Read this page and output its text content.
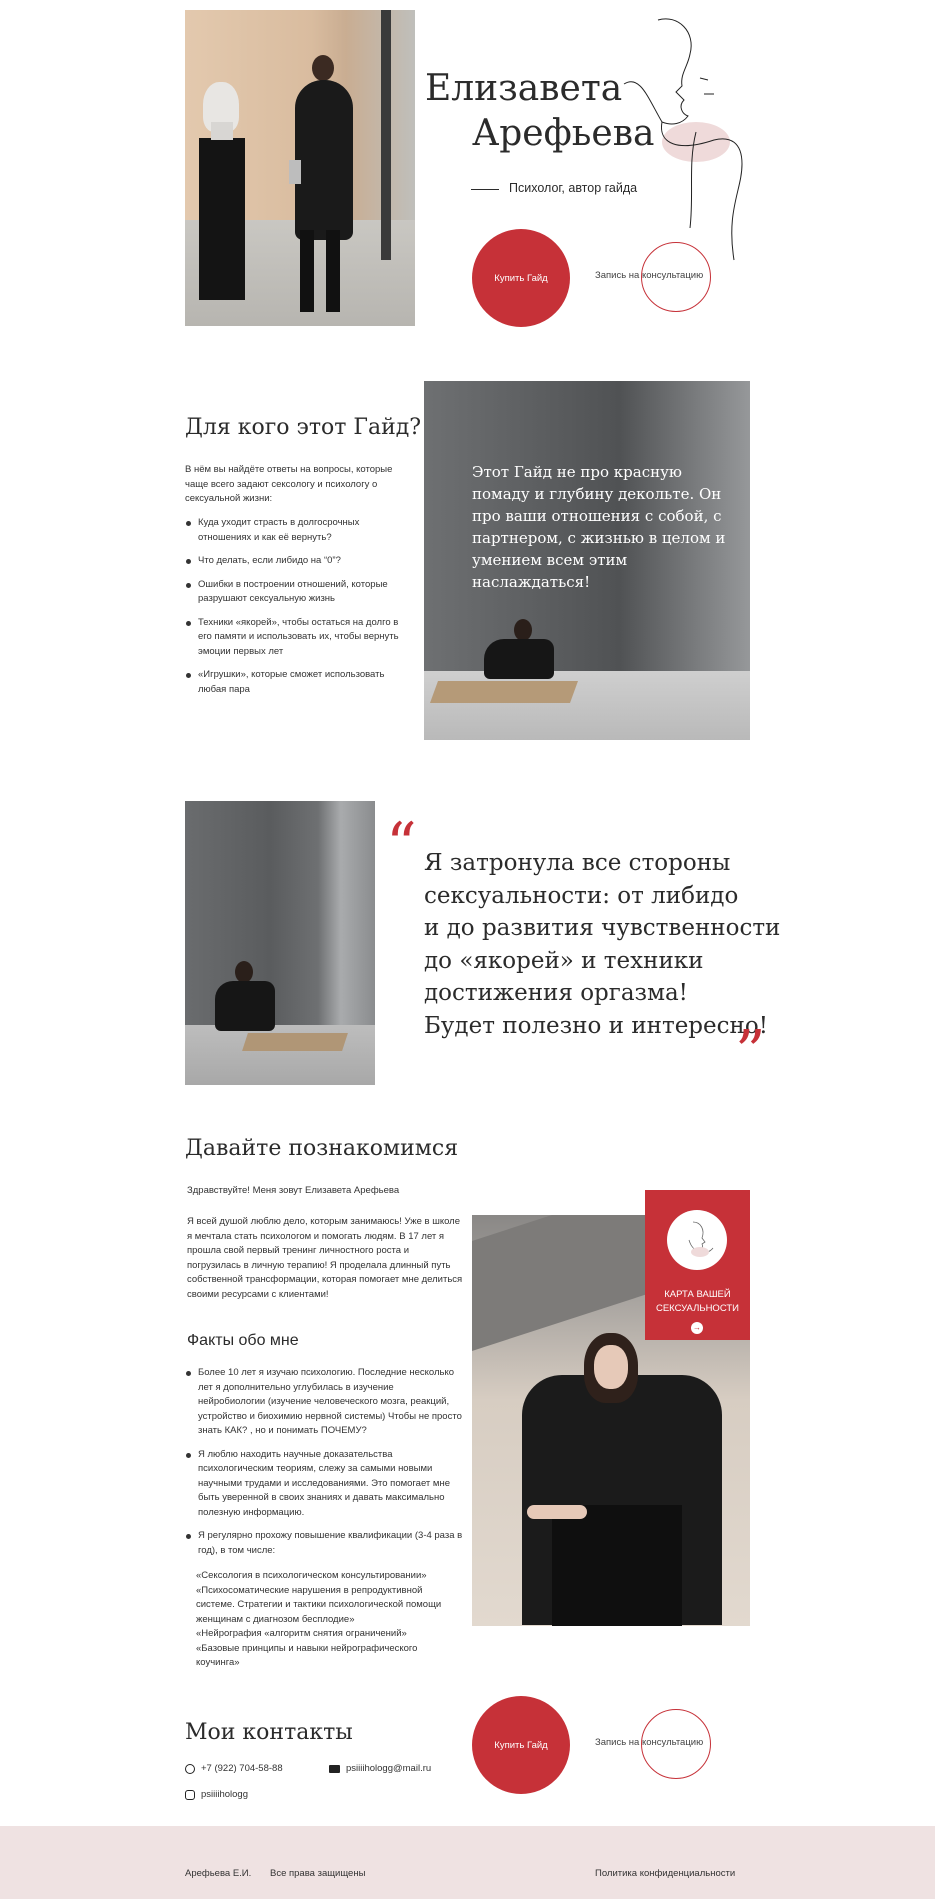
Елизавета
Арефьева
Психолог, автор гайда
Купить Гайд	Запись на консультацию
Для кого этот Гайд?
В нём вы найдёте ответы на вопросы, которые чаще всего задают сексологу и психологу о сексуальной жизни:
Куда уходит страсть в долгосрочных отношениях и как её вернуть?
Что делать, если либидо на “0”?
Ошибки в построении отношений, которые разрушают сексуальную жизнь
Техники «якорей», чтобы остаться на долго в его памяти и использовать их, чтобы вернуть эмоции первых лет
«Игрушки», которые сможет использовать любая пара
Этот Гайд не про красную помаду и глубину декольте. Он про ваши отношения с собой, с партнером, с жизнью в целом и умением всем этим наслаждаться!
“ Я затронула все стороны
сексуальности: от либидо
и до развития чувственности
до «якорей» и техники
достижения оргазма!
Будет полезно и интересно!
”
Давайте познакомимся
Здравствуйте! Меня зовут Елизавета Арефьева
Я всей душой люблю дело, которым занимаюсь! Уже в школе я мечтала стать психологом и помогать людям. В 17 лет я прошла свой первый тренинг личностного роста и погрузилась в личную терапию! Я проделала длинный путь собственной трансформации, которая помогает мне делиться своими ресурсами с клиентами!
Факты обо мне
Более 10 лет я изучаю психологию. Последние несколько лет я дополнительно углубилась в изучение нейробиологии (изучение человеческого мозга, реакций, устройство и биохимию нервной системы) Чтобы не просто знать КАК? , но и понимать ПОЧЕМУ?
Я люблю находить научные доказательства психологическим теориям, слежу за самыми новыми научными трудами и исследованиями. Это помогает мне быть уверенной в своих знаниях и давать максимально полезную информацию.
Я регулярно прохожу повышение квалификации (3-4 раза в год), в том числе:
«Сексология в психологическом консультировании»
«Психосоматические нарушения в репродуктивной системе. Стратегии и тактики психологической помощи женщинам с диагнозом бесплодие»
«Нейрография «алгоритм снятия ограничений»
«Базовые принципы и навыки нейрографического коучинга»
КАРТА ВАШЕЙ СЕКСУАЛЬНОСТИ
→
Мои контакты
+7 (922) 704-58-88	psiiiihologg@mail.ru
psiiiihologg
Купить Гайд	Запись на консультацию
Арефьева Е.И. Все права защищены	Политика конфиденциальности
